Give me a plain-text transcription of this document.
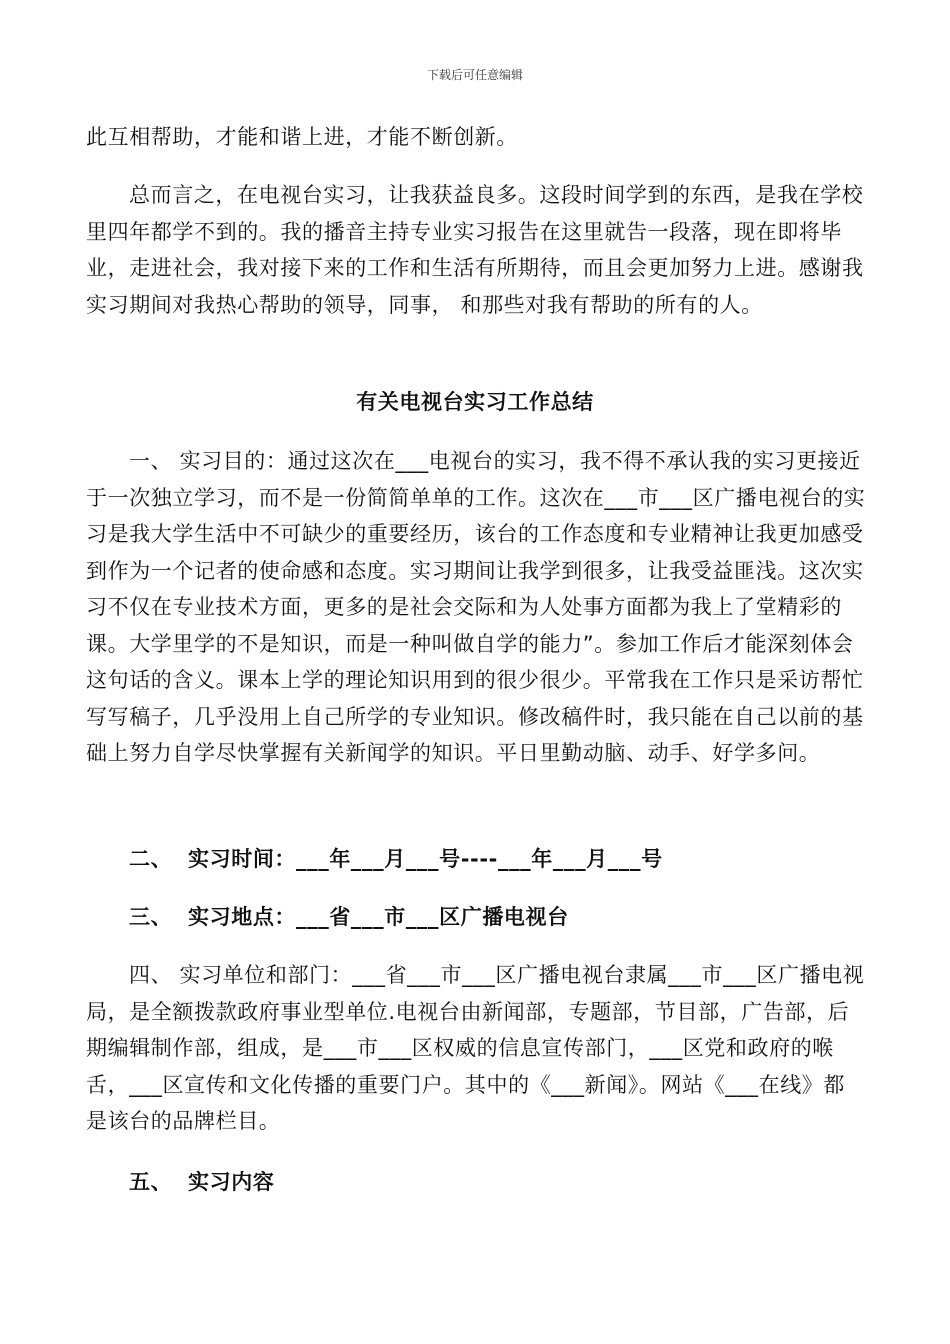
下载后可任意编辑

此互相帮助，才能和谐上进，才能不断创新。

总而言之，在电视台实习，让我获益良多。这段时间学到的东西，是我在学校里四年都学不到的。我的播音主持专业实习报告在这里就告一段落，现在即将毕业，走进社会，我对接下来的工作和生活有所期待，而且会更加努力上进。感谢我实习期间对我热心帮助的领导，同事， 和那些对我有帮助的所有的人。

有关电视台实习工作总结

一、 实习目的：通过这次在___电视台的实习，我不得不承认我的实习更接近于一次独立学习，而不是一份简简单单的工作。这次在___市___区广播电视台的实习是我大学生活中不可缺少的重要经历，该台的工作态度和专业精神让我更加感受到作为一个记者的使命感和态度。实习期间让我学到很多，让我受益匪浅。这次实习不仅在专业技术方面，更多的是社会交际和为人处事方面都为我上了堂精彩的课。大学里学的不是知识，而是一种叫做自学的能力”。参加工作后才能深刻体会这句话的含义。课本上学的理论知识用到的很少很少。平常我在工作只是采访帮忙写写稿子，几乎没用上自己所学的专业知识。修改稿件时，我只能在自己以前的基础上努力自学尽快掌握有关新闻学的知识。平日里勤动脑、动手、好学多问。

二、  实习时间：___年___月___号----___年___月___号
三、  实习地点：___省___市___区广播电视台

四、 实习单位和部门：___省___市___区广播电视台隶属___市___区广播电视局，是全额拨款政府事业型单位.电视台由新闻部，专题部，节目部，广告部，后期编辑制作部，组成，是___市___区权威的信息宣传部门，___区党和政府的喉舌，___区宣传和文化传播的重要门户。其中的《___新闻》。网站《___在线》都是该台的品牌栏目。

五、  实习内容
